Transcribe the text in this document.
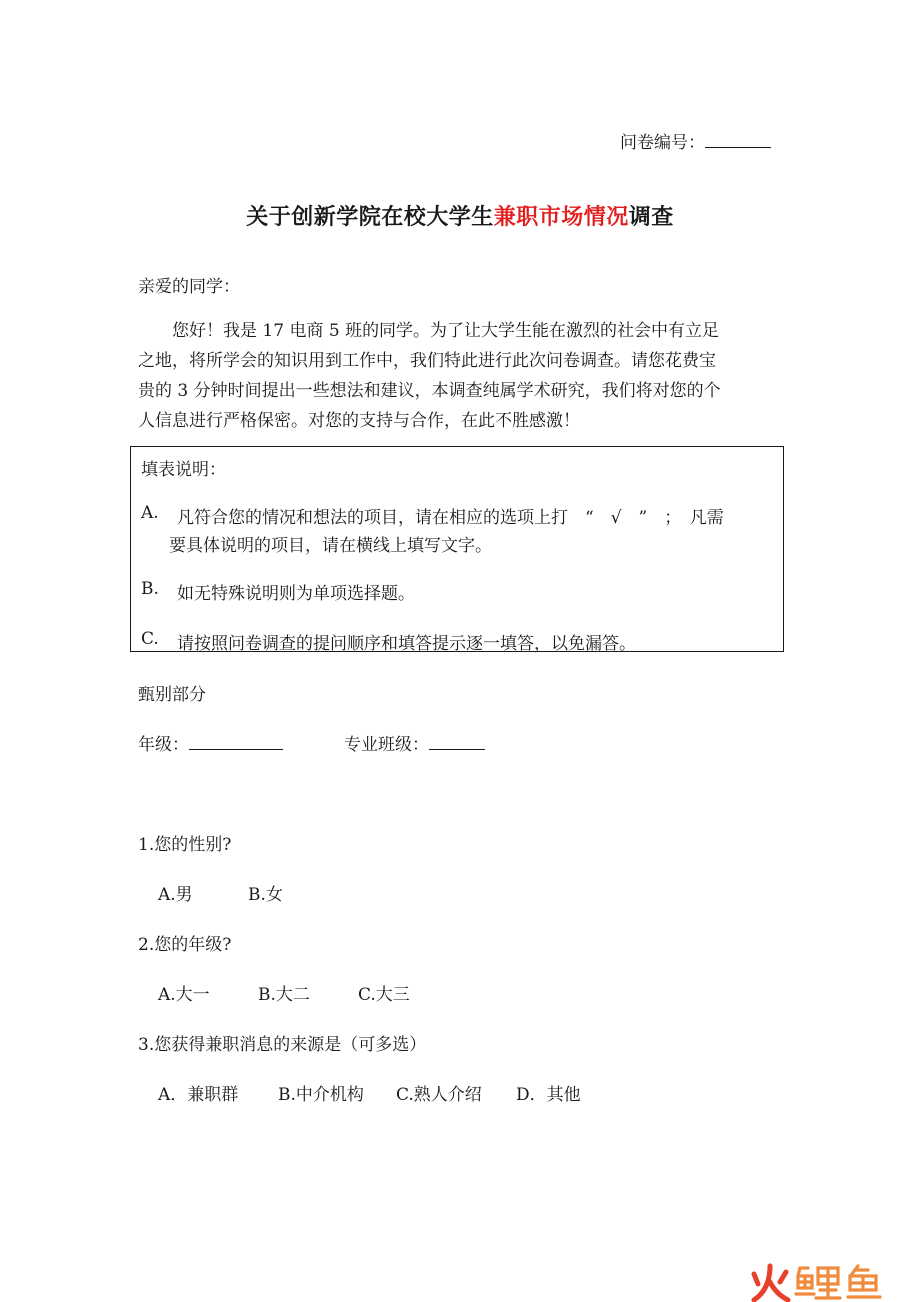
问卷编号：
关于创新学院在校大学生兼职市场情况调查
亲爱的同学：
　　您好！我是 17 电商 5 班的同学。为了让大学生能在激烈的社会中有立足
之地，将所学会的知识用到工作中，我们特此进行此次问卷调查。请您花费宝
贵的 3 分钟时间提出一些想法和建议，本调查纯属学术研究，我们将对您的个
人信息进行严格保密。对您的支持与合作，在此不胜感激！
填表说明：
A. 凡符合您的情况和想法的项目，请在相应的选项上打　“　√　”　；　凡需
要具体说明的项目，请在横线上填写文字。
B. 如无特殊说明则为单项选择题。
C. 请按照问卷调查的提问顺序和填答提示逐一填答，以免漏答。
甄别部分
年级：	专业班级：
1.您的性别?
A.男	B.女
2.您的年级?
A.大一	B.大二	C.大三
3.您获得兼职消息的来源是（可多选）
A．兼职群 B.中介机构 C.熟人介绍 D．其他
